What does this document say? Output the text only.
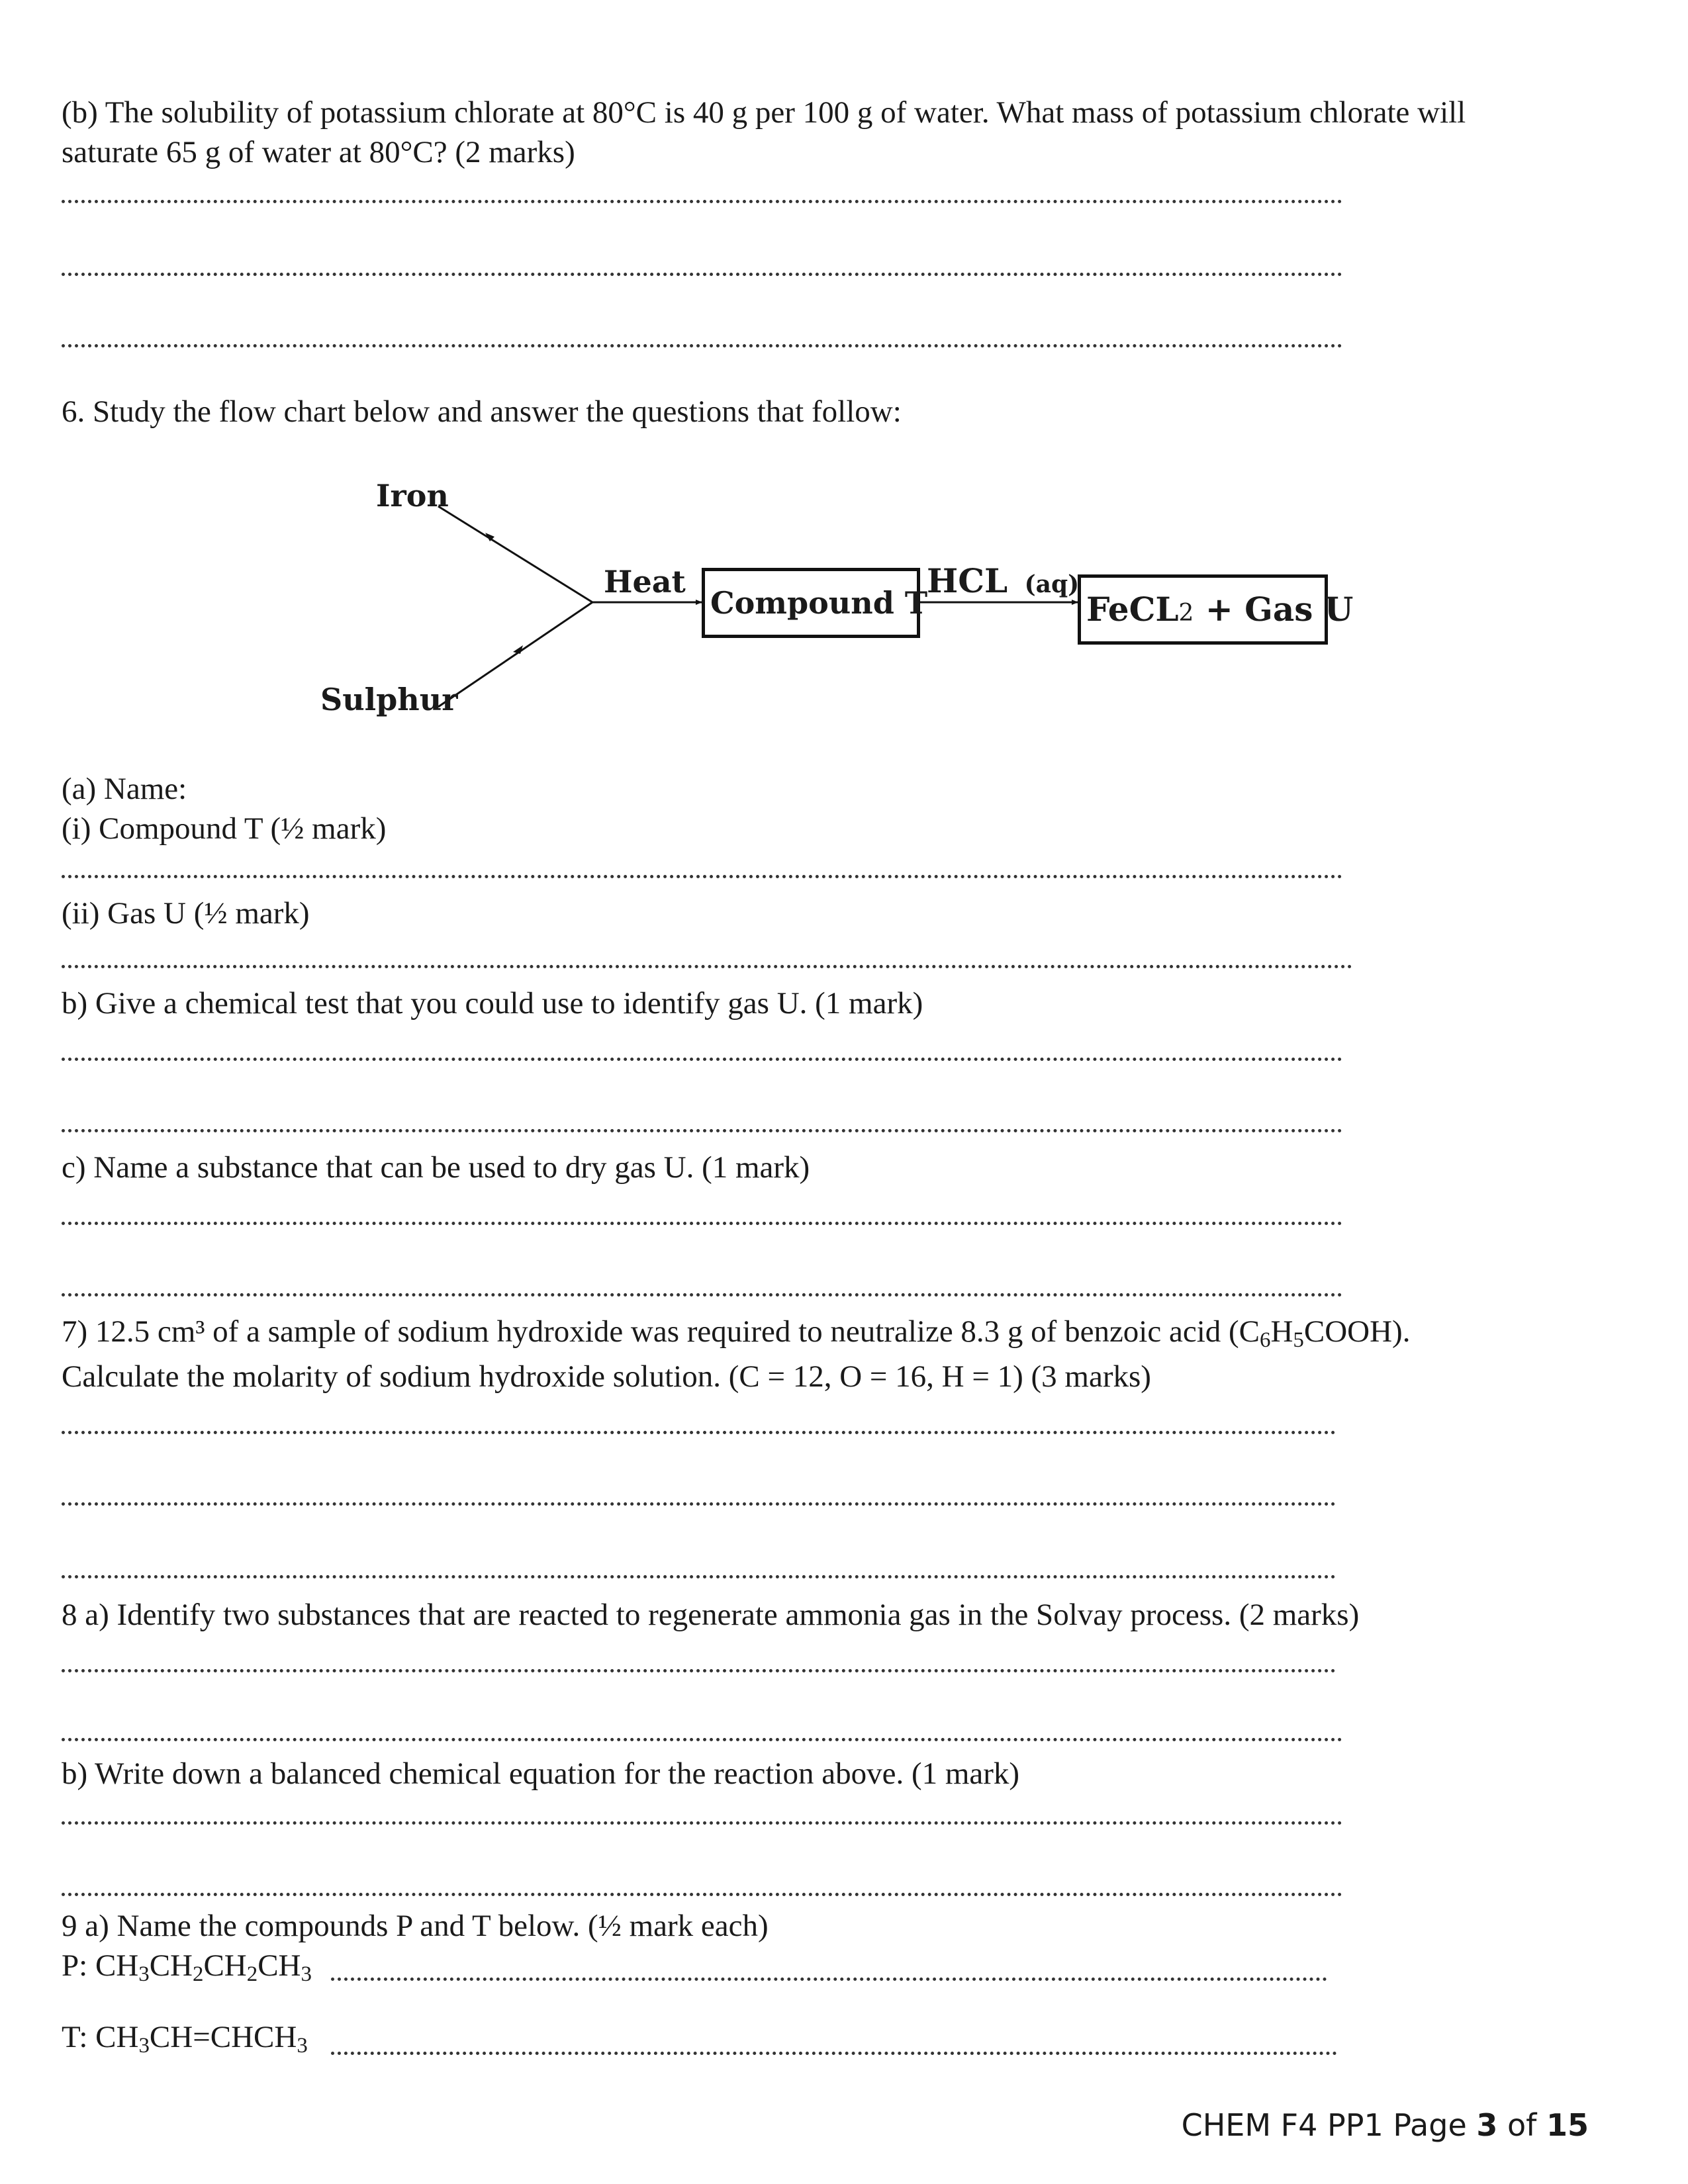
(b) The solubility of potassium chlorate at 80°C is 40 g per 100 g of water. What mass of potassium chlorate will
saturate 65 g of water at 80°C? (2 marks)
6. Study the flow chart below and answer the questions that follow:
Iron
Sulphur
Heat
Compound T
HCL (aq)
FeCL2 + Gas U
(a) Name:
(i) Compound T (½ mark)
(ii) Gas U (½ mark)
b) Give a chemical test that you could use to identify gas U. (1 mark)
c) Name a substance that can be used to dry gas U. (1 mark)
7) 12.5 cm³ of a sample of sodium hydroxide was required to neutralize 8.3 g of benzoic acid $(C_6H_5COOH)$.
Calculate the molarity of sodium hydroxide solution. (C = 12, O = 16, H = 1) (3 marks)
8 a) Identify two substances that are reacted to regenerate ammonia gas in the Solvay process. (2 marks)
b) Write down a balanced chemical equation for the reaction above. (1 mark)
9 a) Name the compounds P and T below. (½ mark each)
P: $CH_3CH_2CH_2CH_3$
T: $CH_3CH=CHCH_3$
CHEM F4 PP1 Page 3 of 15
